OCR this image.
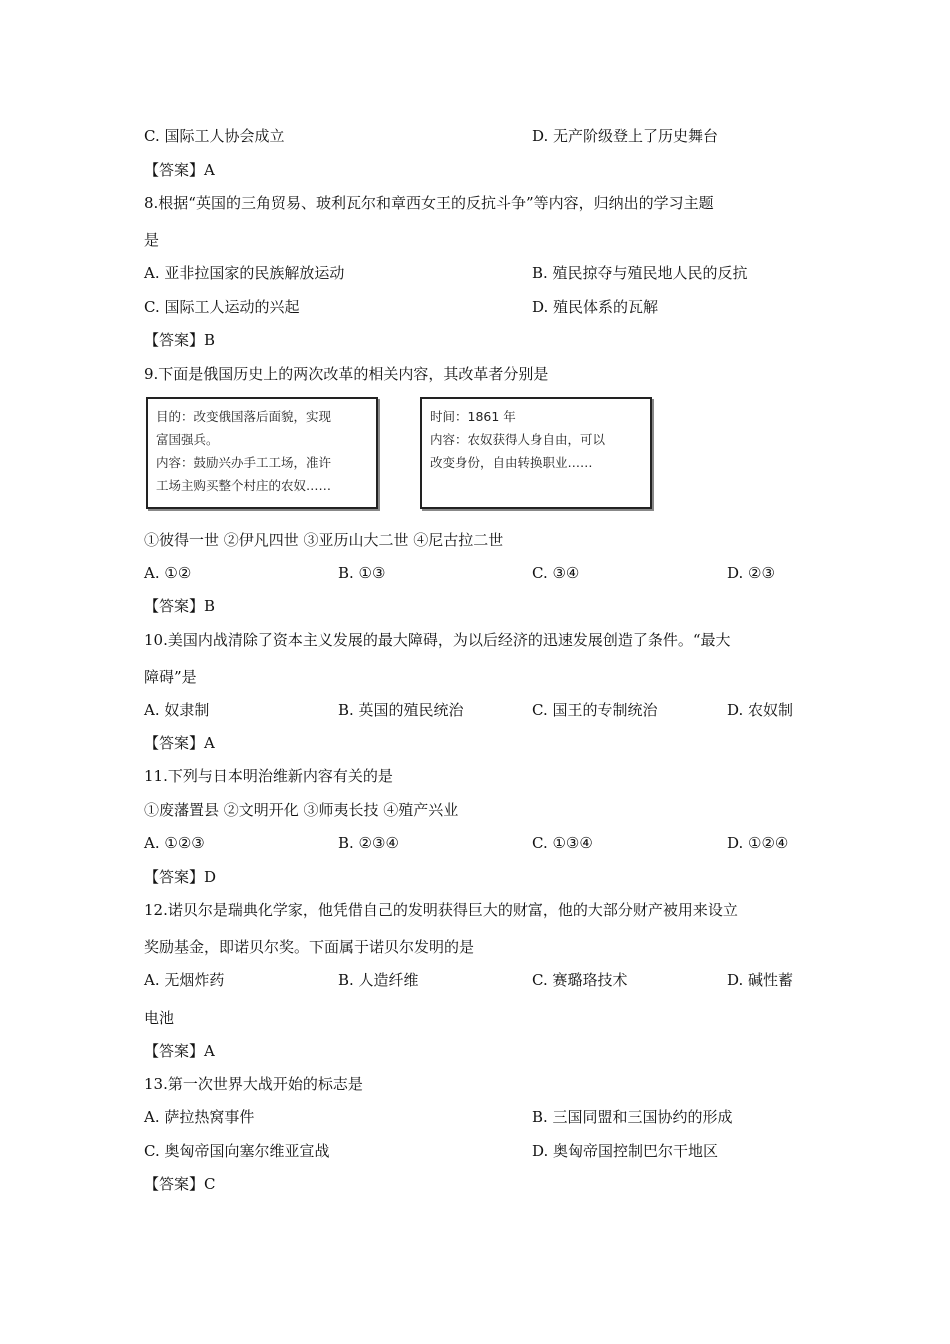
C. 国际工人协会成立	D. 无产阶级登上了历史舞台
【答案】A
8.根据“英国的三角贸易、玻利瓦尔和章西女王的反抗斗争”等内容，归纳出的学习主题
是
A. 亚非拉国家的民族解放运动	B. 殖民掠夺与殖民地人民的反抗
C. 国际工人运动的兴起	D. 殖民体系的瓦解
【答案】B
9.下面是俄国历史上的两次改革的相关内容，其改革者分别是
目的：改变俄国落后面貌，实现
富国强兵。
内容：鼓励兴办手工工场，准许
工场主购买整个村庄的农奴……
时间：1861 年
内容：农奴获得人身自由，可以
改变身份，自由转换职业……
①彼得一世 ②伊凡四世 ③亚历山大二世 ④尼古拉二世
A. ①②	B. ①③	C. ③④	D. ②③
【答案】B
10.美国内战清除了资本主义发展的最大障碍，为以后经济的迅速发展创造了条件。“最大
障碍”是
A. 奴隶制	B. 英国的殖民统治	C. 国王的专制统治	D. 农奴制
【答案】A
11.下列与日本明治维新内容有关的是
①废藩置县 ②文明开化 ③师夷长技 ④殖产兴业
A. ①②③	B. ②③④	C. ①③④	D. ①②④
【答案】D
12.诺贝尔是瑞典化学家，他凭借自己的发明获得巨大的财富，他的大部分财产被用来设立
奖励基金，即诺贝尔奖。下面属于诺贝尔发明的是
A. 无烟炸药	B. 人造纤维	C. 赛璐珞技术	D. 碱性蓄
电池
【答案】A
13.第一次世界大战开始的标志是
A. 萨拉热窝事件	B. 三国同盟和三国协约的形成
C. 奥匈帝国向塞尔维亚宣战	D. 奥匈帝国控制巴尔干地区
【答案】C
